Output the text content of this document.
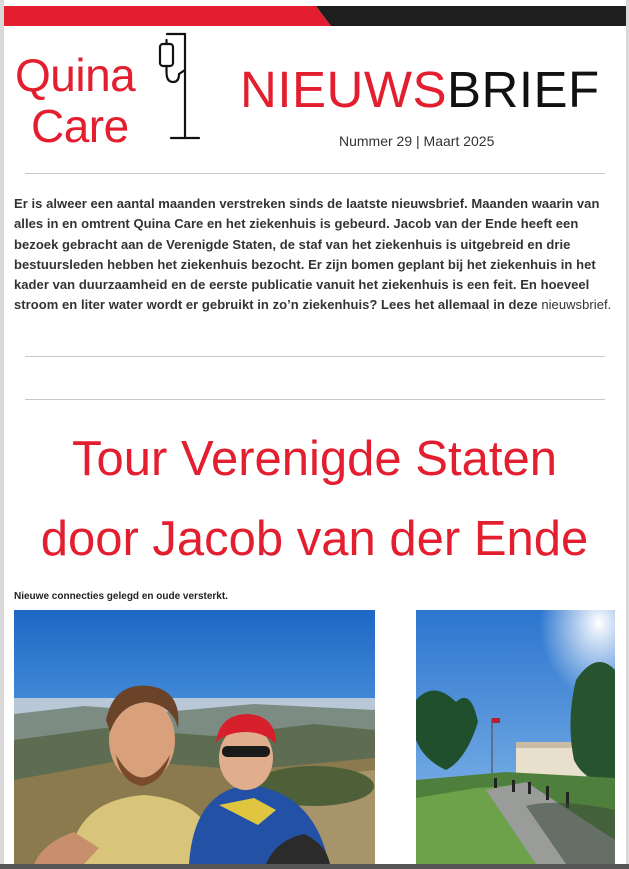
Quina
Care
NIEUWSBRIEF
Nummer 29 | Maart 2025

Er is alweer een aantal maanden verstreken sinds de laatste nieuwsbrief. Maanden waarin van alles in en omtrent Quina Care en het ziekenhuis is gebeurd. Jacob van der Ende heeft een bezoek gebracht aan de Verenigde Staten, de staf van het ziekenhuis is uitgebreid en drie bestuursleden hebben het ziekenhuis bezocht. Er zijn bomen geplant bij het ziekenhuis in het kader van duurzaamheid en de eerste publicatie vanuit het ziekenhuis is een feit. En hoeveel stroom en liter water wordt er gebruikt in zo’n ziekenhuis? Lees het allemaal in deze nieuwsbrief.

Tour Verenigde Staten
door Jacob van der Ende
Nieuwe connecties gelegd en oude versterkt.
